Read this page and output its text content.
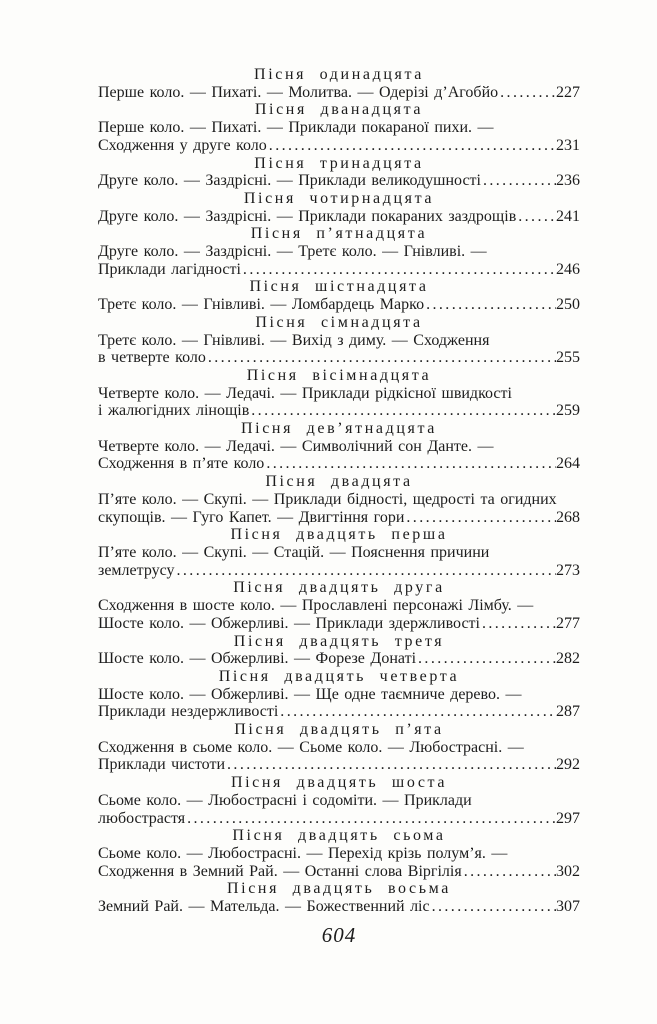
Пісня одинадцята

Перше коло. — Пихаті. — Молитва. — Одерізі д’Агобйо .....	227

Пісня дванадцята

Перше коло. — Пихаті. — Приклади покараної пихи. —

Сходження у друге коло .....	231

Пісня тринадцята

Друге коло. — Заздрісні. — Приклади великодушності .....	236

Пісня чотирнадцята

Друге коло. — Заздрісні. — Приклади покараних заздрощів ..... 241

Пісня п’ятнадцята

Друге коло. — Заздрісні. — Третє коло. — Гнівливі. —

Приклади лагідності .....	246

Пісня шістнадцята

Третє коло. — Гнівливі. — Ломбардець Марко .....	250

Пісня сімнадцята

Третє коло. — Гнівливі. — Вихід з диму. — Сходження

в четверте коло .....	255

Пісня вісімнадцята

Четверте коло. — Ледачі. — Приклади рідкісної швидкості

і жалюгідних лінощів .....	259

Пісня дев’ятнадцята

Четверте коло. — Ледачі. — Символічний сон Данте. —

Сходження в п’яте коло .....	264

Пісня двадцята

П’яте коло. — Скупі. — Приклади бідності, щедрості та огидних

скупощів. — Гуго Капет. — Двигтіння гори .....	268

Пісня двадцять перша

П’яте коло. — Скупі. — Стацій. — Пояснення причини

землетрусу .....	273

Пісня двадцять друга

Сходження в шосте коло. — Прославлені персонажі Лімбу. —

Шосте коло. — Обжерливі. — Приклади здержливості .....	277

Пісня двадцять третя

Шосте коло. — Обжерливі. — Форезе Донаті .....	282

Пісня двадцять четверта

Шосте коло. — Обжерливі. — Ще одне таємниче дерево. —

Приклади нездержливості .....	287

Пісня двадцять п’ята

Сходження в сьоме коло. — Сьоме коло. — Любострасні. —

Приклади чистоти .....	292

Пісня двадцять шоста

Сьоме коло. — Любострасні і содоміти. — Приклади

любострастя .....	297

Пісня двадцять сьома

Сьоме коло. — Любострасні. — Перехід крізь полум’я. —

Сходження в Земний Рай. — Останні слова Віргілія .....	302

Пісня двадцять восьма

Земний Рай. — Мательда. — Божественний ліс .....	307

604
